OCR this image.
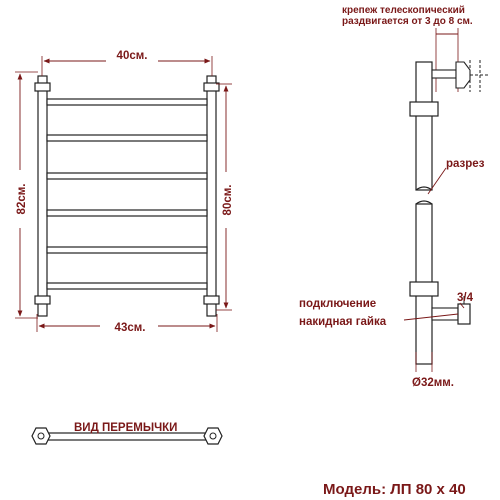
40см.
43см.
82см.	80см.
крепеж телескопический
раздвигается от 3 до 8 см.
разрез
3/4
подключение
накидная гайка
Ø32мм.
ВИД ПЕРЕМЫЧКИ
Модель: ЛП 80 х 40
